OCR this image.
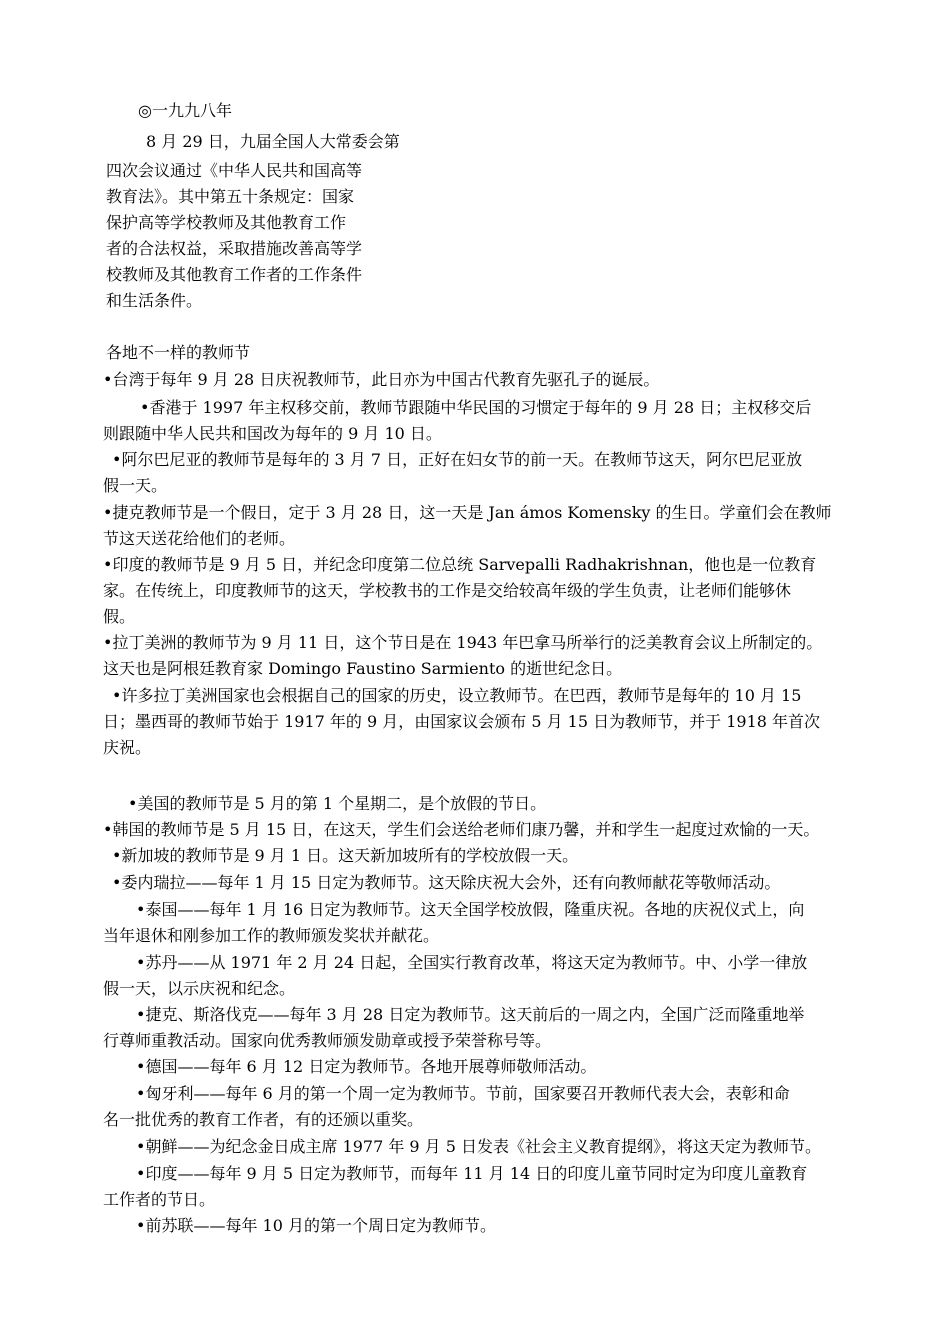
◎一九九八年
8 月 29 日，九届全国人大常委会第
四次会议通过《中华人民共和国高等
教育法》。其中第五十条规定：国家
保护高等学校教师及其他教育工作
者的合法权益，采取措施改善高等学
校教师及其他教育工作者的工作条件
和生活条件。
各地不一样的教师节
•台湾于每年 9 月 28 日庆祝教师节，此日亦为中国古代教育先驱孔子的诞辰。
•香港于 1997 年主权移交前，教师节跟随中华民国的习惯定于每年的 9 月 28 日；主权移交后
则跟随中华人民共和国改为每年的 9 月 10 日。
•阿尔巴尼亚的教师节是每年的 3 月 7 日，正好在妇女节的前一天。在教师节这天，阿尔巴尼亚放
假一天。
•捷克教师节是一个假日，定于 3 月 28 日，这一天是 Jan ámos Komensky 的生日。学童们会在教师
节这天送花给他们的老师。
•印度的教师节是 9 月 5 日，并纪念印度第二位总统 Sarvepalli Radhakrishnan，他也是一位教育
家。在传统上，印度教师节的这天，学校教书的工作是交给较高年级的学生负责，让老师们能够休
假。
•拉丁美洲的教师节为 9 月 11 日，这个节日是在 1943 年巴拿马所举行的泛美教育会议上所制定的。
这天也是阿根廷教育家 Domingo Faustino Sarmiento 的逝世纪念日。
•许多拉丁美洲国家也会根据自己的国家的历史，设立教师节。在巴西，教师节是每年的 10 月 15
日；墨西哥的教师节始于 1917 年的 9 月，由国家议会颁布 5 月 15 日为教师节，并于 1918 年首次
庆祝。
•美国的教师节是 5 月的第 1 个星期二，是个放假的节日。
•韩国的教师节是 5 月 15 日，在这天，学生们会送给老师们康乃馨，并和学生一起度过欢愉的一天。
•新加坡的教师节是 9 月 1 日。这天新加坡所有的学校放假一天。
•委内瑞拉——每年 1 月 15 日定为教师节。这天除庆祝大会外，还有向教师献花等敬师活动。
•泰国——每年 1 月 16 日定为教师节。这天全国学校放假，隆重庆祝。各地的庆祝仪式上，向
当年退休和刚参加工作的教师颁发奖状并献花。
•苏丹——从 1971 年 2 月 24 日起，全国实行教育改革，将这天定为教师节。中、小学一律放
假一天，以示庆祝和纪念。
•捷克、斯洛伐克——每年 3 月 28 日定为教师节。这天前后的一周之内，全国广泛而隆重地举
行尊师重教活动。国家向优秀教师颁发勋章或授予荣誉称号等。
•德国——每年 6 月 12 日定为教师节。各地开展尊师敬师活动。
•匈牙利——每年 6 月的第一个周一定为教师节。节前，国家要召开教师代表大会，表彰和命
名一批优秀的教育工作者，有的还颁以重奖。
•朝鲜——为纪念金日成主席 1977 年 9 月 5 日发表《社会主义教育提纲》，将这天定为教师节。
•印度——每年 9 月 5 日定为教师节，而每年 11 月 14 日的印度儿童节同时定为印度儿童教育
工作者的节日。
•前苏联——每年 10 月的第一个周日定为教师节。
